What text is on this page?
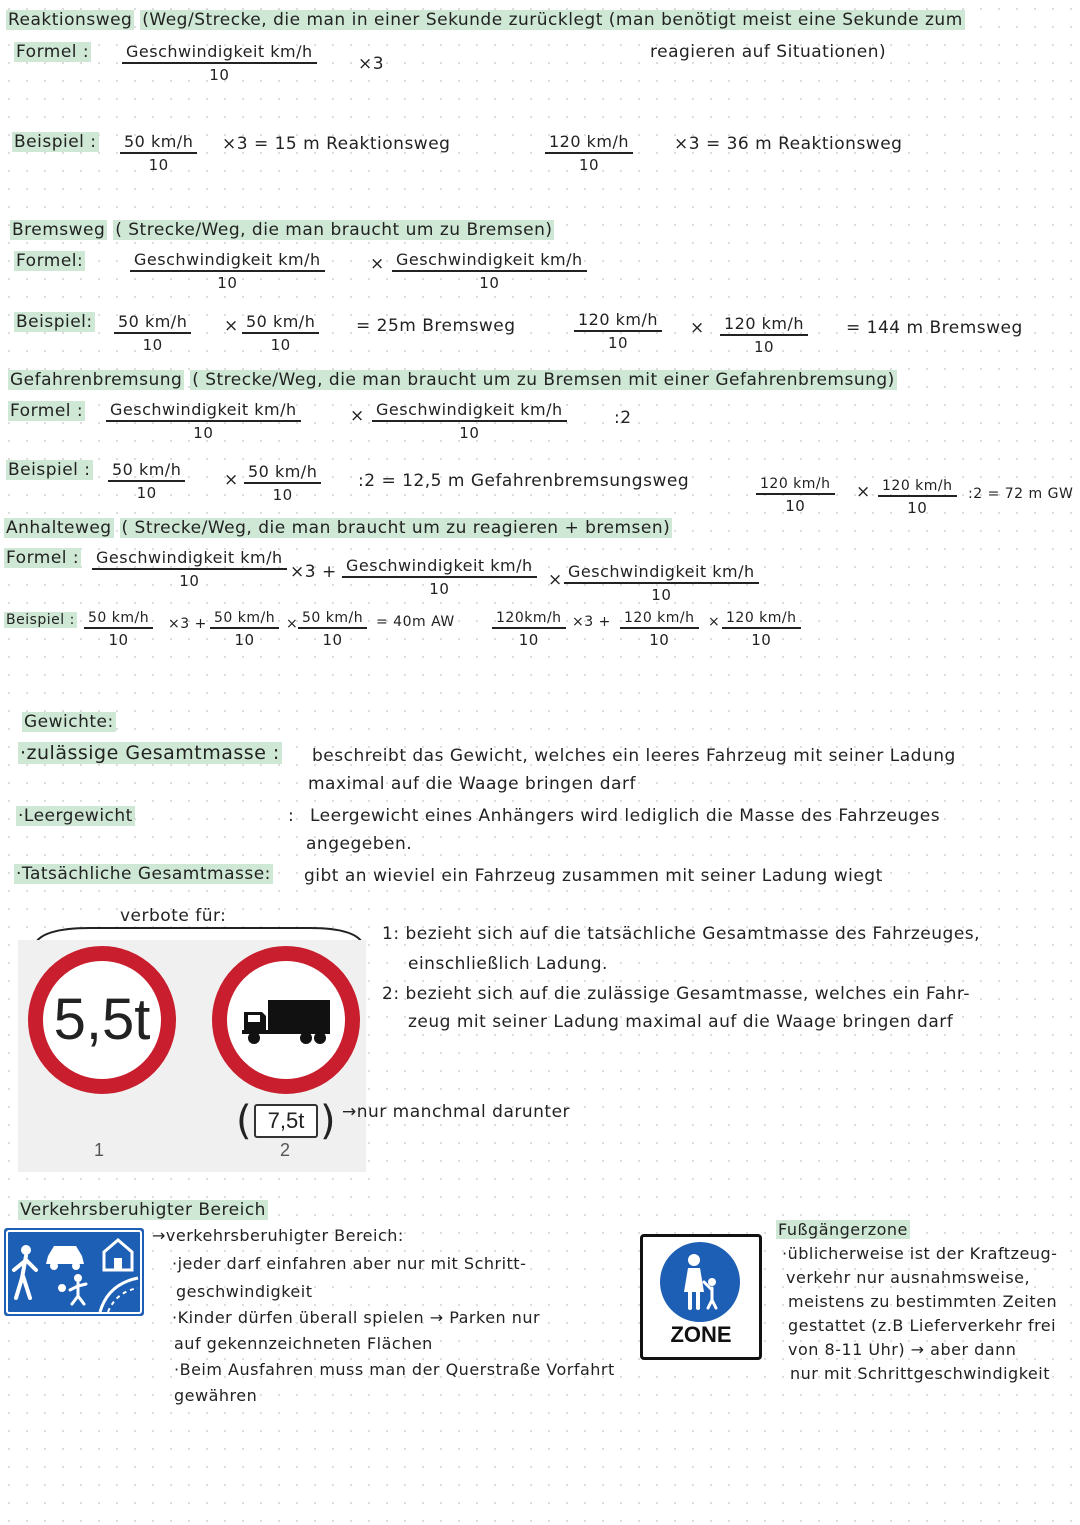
Reaktionsweg (Weg/Strecke, die man in einer Sekunde zurücklegt (man benötigt meist eine Sekunde zum
reagieren auf Situationen)
Formel : Geschwindigkeit km/h
10
×3
Beispiel : $\frac{50 km/h}{10} \times 3 = 15$ m Reaktionsweg	$\frac{120 km/h}{10} \times 3 = 36$ m Reaktionsweg
Bremsweg ( Strecke/Weg, die man braucht um zu Bremsen)
Formel:	Geschwindigkeit km/h
10
× Geschwindigkeit km/h
10
Beispiel: $\frac{50 km/h}{10} \times \frac{50 km/h}{10} = 25m$ Bremsweg	$\frac{120 km/h}{10} \times \frac{120 km/h}{10} = 144$ m Bremsweg
Gefahrenbremsung ( Strecke/Weg, die man braucht um zu Bremsen mit einer Gefahrenbremsung)
Formel : Geschwindigkeit km/h
10
× Geschwindigkeit km/h
10
:2
Beispiel : $\frac{50 km/h}{10} \times \frac{50 km/h}{10}$ :2 = 12,5 m Gefahrenbremsungsweg	$\frac{120 km/h}{10} \times \frac{120 km/h}{10}$ :2 = 72 m GW
Anhalteweg ( Strecke/Weg, die man braucht um zu reagieren + bremsen)
Formel : Geschwindigkeit km/h
10	×3 + Geschwindigkeit km/h
10	× Geschwindigkeit km/h
10
Beispiel : $\frac{50 km/h}{10} \times 3 + \frac{50 km/h}{10} \times \frac{50 km/h}{10} = 40m$ AW	$\frac{120km/h}{10} \times 3 + \frac{120 km/h}{10} \times \frac{120 km/h}{10}$
Gewichte:
·zulässige Gesamtmasse : beschreibt das Gewicht, welches ein leeres Fahrzeug mit seiner Ladung
maximal auf die Waage bringen darf
·Leergewicht	: Leergewicht eines Anhängers wird lediglich die Masse des Fahrzeuges
angegeben.
·Tatsächliche Gesamtmasse: gibt an wieviel ein Fahrzeug zusammen mit seiner Ladung wiegt
verbote für:
5,5t
1
( 7,5t )
2
→nur manchmal darunter
1: bezieht sich auf die tatsächliche Gesamtmasse des Fahrzeuges,
einschließlich Ladung.
2: bezieht sich auf die zulässige Gesamtmasse, welches ein Fahr-
zeug mit seiner Ladung maximal auf die Waage bringen darf
Verkehrsberuhigter Bereich
→verkehrsberuhigter Bereich:
·jeder darf einfahren aber nur mit Schritt-
geschwindigkeit
·Kinder dürfen überall spielen → Parken nur
auf gekennzeichneten Flächen
·Beim Ausfahren muss man der Querstraße Vorfahrt
gewähren
ZONE
Fußgängerzone
·üblicherweise ist der Kraftzeug-
verkehr nur ausnahmsweise,
meistens zu bestimmten Zeiten
gestattet (z.B Lieferverkehr frei
von 8-11 Uhr) → aber dann
nur mit Schrittgeschwindigkeit
